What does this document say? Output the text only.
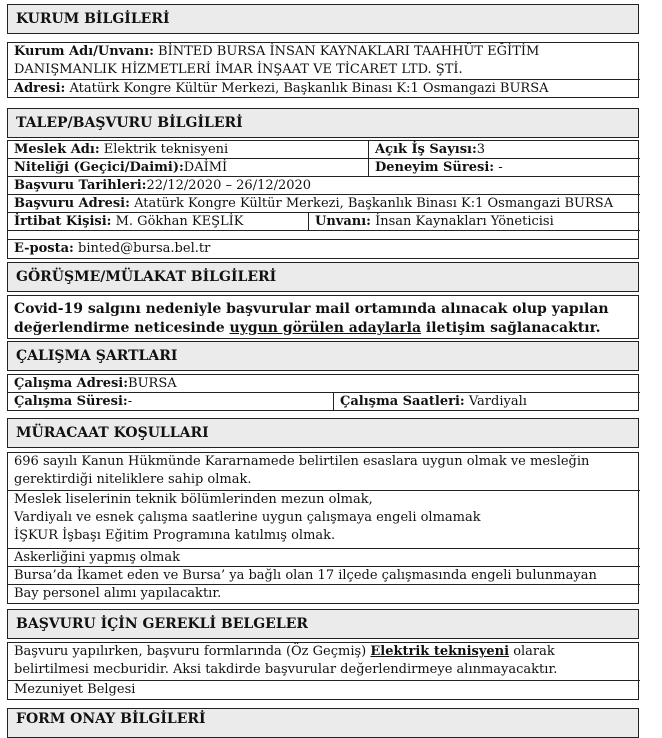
KURUM BİLGİLERİ
Kurum Adı/Unvanı: BİNTED BURSA İNSAN KAYNAKLARI TAAHHÜT EĞİTİM
DANIŞMANLIK HİZMETLERİ İMAR İNŞAAT VE TİCARET LTD. ŞTİ.
Adresi: Atatürk Kongre Kültür Merkezi, Başkanlık Binası K:1 Osmangazi BURSA
TALEP/BAŞVURU BİLGİLERİ
Meslek Adı: Elektrik teknisyeni	Açık İş Sayısı:3
Niteliği (Geçici/Daimi):DAİMİ	Deneyim Süresi: -
Başvuru Tarihleri:22/12/2020 – 26/12/2020
Başvuru Adresi: Atatürk Kongre Kültür Merkezi, Başkanlık Binası K:1 Osmangazi BURSA
İrtibat Kişisi: M. Gökhan KEŞLİK	Unvanı: İnsan Kaynakları Yöneticisi
E-posta: binted@bursa.bel.tr
GÖRÜŞME/MÜLAKAT BİLGİLERİ
Covid-19 salgını nedeniyle başvurular mail ortamında alınacak olup yapılan
değerlendirme neticesinde uygun görülen adaylarla iletişim sağlanacaktır.
ÇALIŞMA ŞARTLARI
Çalışma Adresi:BURSA
Çalışma Süresi:-	Çalışma Saatleri: Vardiyalı
MÜRACAAT KOŞULLARI
696 sayılı Kanun Hükmünde Kararnamede belirtilen esaslara uygun olmak ve mesleğin
gerektirdiği niteliklere sahip olmak.
Meslek liselerinin teknik bölümlerinden mezun olmak,
Vardiyalı ve esnek çalışma saatlerine uygun çalışmaya engeli olmamak
İŞKUR İşbaşı Eğitim Programına katılmış olmak.
Askerliğini yapmış olmak
Bursa’da İkamet eden ve Bursa’ ya bağlı olan 17 ilçede çalışmasında engeli bulunmayan
Bay personel alımı yapılacaktır.
BAŞVURU İÇİN GEREKLİ BELGELER
Başvuru yapılırken, başvuru formlarında (Öz Geçmiş) Elektrik teknisyeni olarak
belirtilmesi mecburidir. Aksi takdirde başvurular değerlendirmeye alınmayacaktır.
Mezuniyet Belgesi
FORM ONAY BİLGİLERİ
